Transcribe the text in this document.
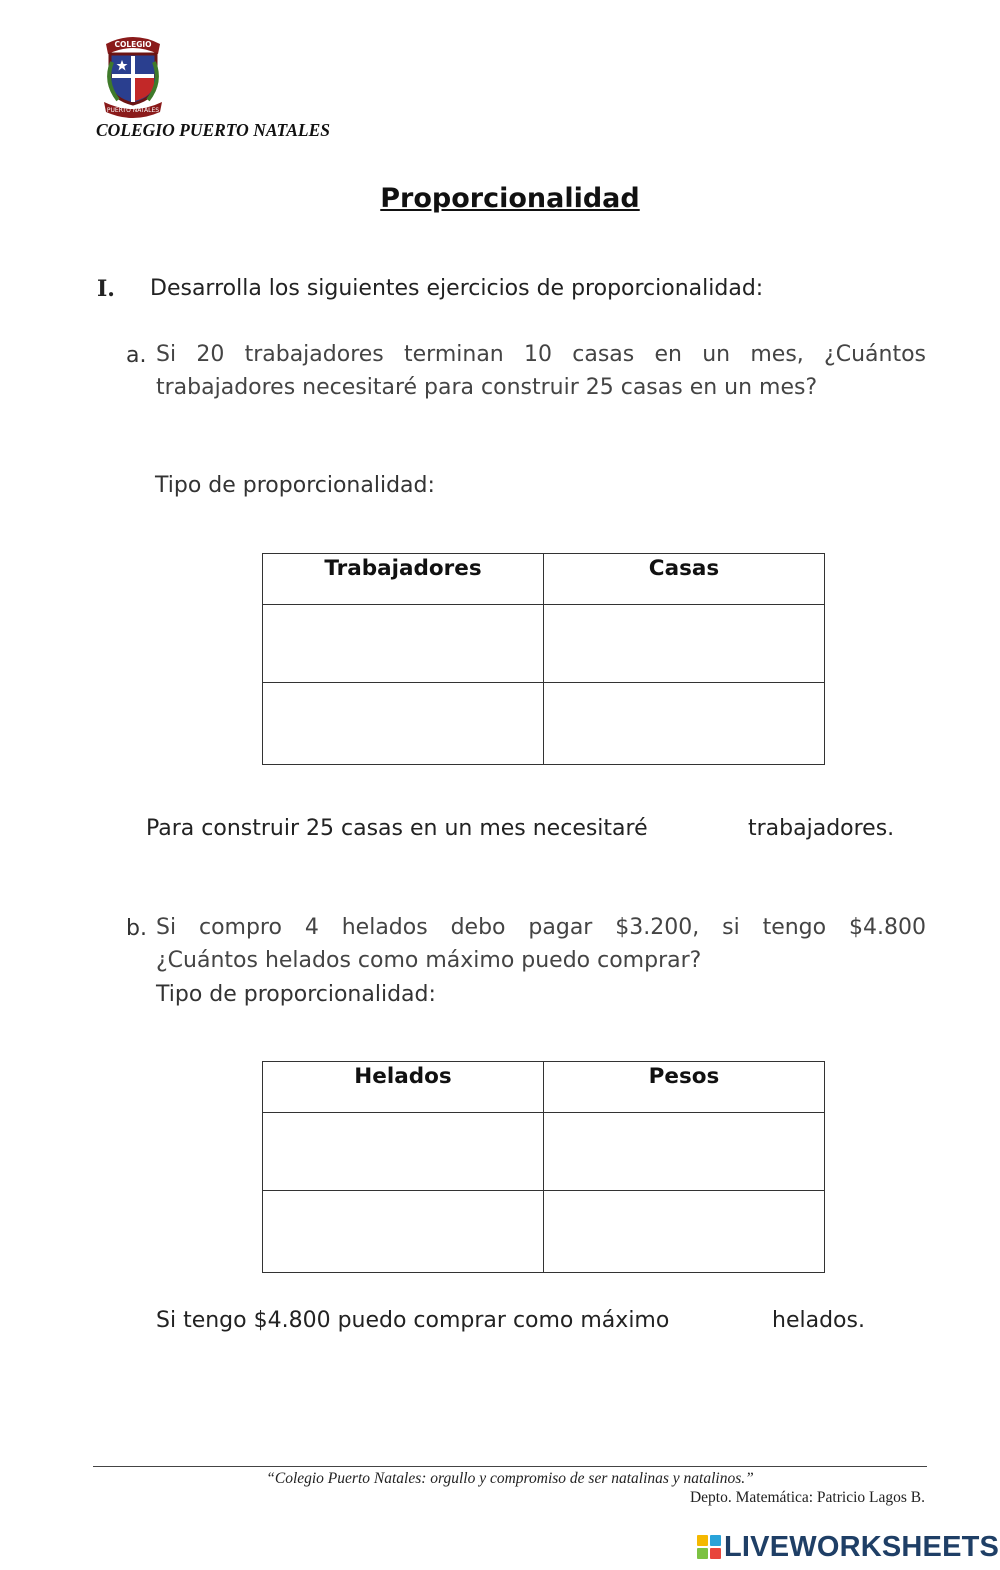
COLEGIO
PUERTO NATALES
COLEGIO PUERTO NATALES
Proporcionalidad
I. Desarrolla los siguientes ejercicios de proporcionalidad:
a. Si 20 trabajadores terminan 10 casas en un mes, ¿Cuántos
trabajadores necesitaré para construir 25 casas en un mes?
Tipo de proporcionalidad:
Trabajadores	Casas

Para construir 25 casas en un mes necesitaré	trabajadores.
b. Si compro 4 helados debo pagar $3.200, si tengo $4.800
¿Cuántos helados como máximo puedo comprar?
Tipo de proporcionalidad:
Helados	Pesos

Si tengo $4.800 puedo comprar como máximo	helados.
“Colegio Puerto Natales: orgullo y compromiso de ser natalinas y natalinos.”
Depto. Matemática: Patricio Lagos B.
LIVEWORKSHEETS
